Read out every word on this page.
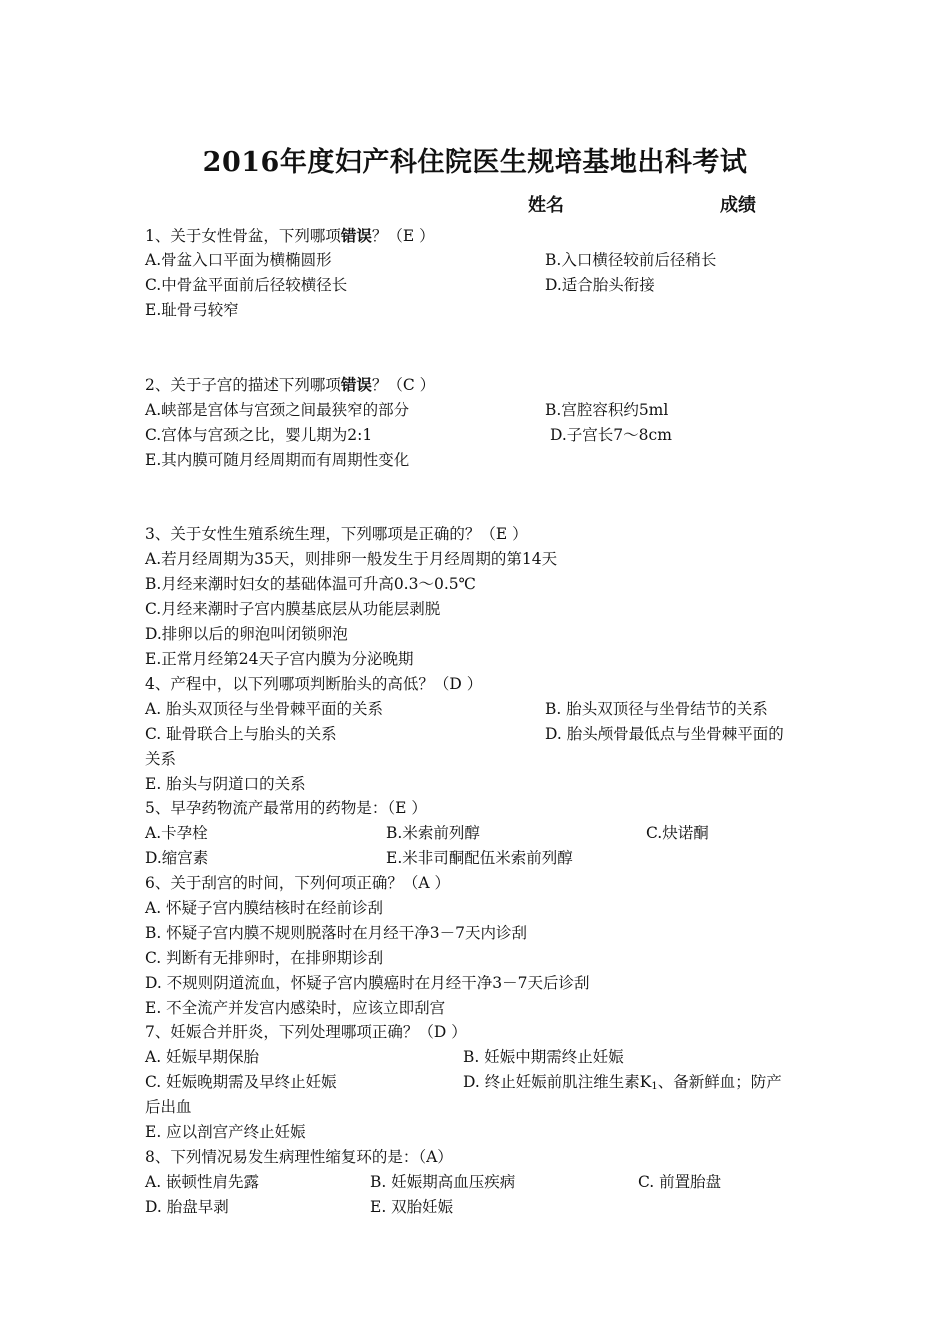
2016年度妇产科住院医生规培基地出科考试
姓名	成绩
1、关于女性骨盆，下列哪项错误？（E ）
A.骨盆入口平面为横椭圆形	B.入口横径较前后径稍长
C.中骨盆平面前后径较横径长	D.适合胎头衔接
E.耻骨弓较窄
2、关于子宫的描述下列哪项错误？（C ）
A.峡部是宫体与宫颈之间最狭窄的部分	B.宫腔容积约5ml
C.宫体与宫颈之比，婴儿期为2:1	D.子宫长7～8cm
E.其内膜可随月经周期而有周期性变化
3、关于女性生殖系统生理，下列哪项是正确的？（E ）
A.若月经周期为35天，则排卵一般发生于月经周期的第14天
B.月经来潮时妇女的基础体温可升高0.3～0.5℃
C.月经来潮时子宫内膜基底层从功能层剥脱
D.排卵以后的卵泡叫闭锁卵泡
E.正常月经第24天子宫内膜为分泌晚期
4、产程中，以下列哪项判断胎头的高低？（D ）
A. 胎头双顶径与坐骨棘平面的关系	B. 胎头双顶径与坐骨结节的关系
C. 耻骨联合上与胎头的关系	D. 胎头颅骨最低点与坐骨棘平面的
关系
E. 胎头与阴道口的关系
5、早孕药物流产最常用的药物是：（E ）
A.卡孕栓	B.米索前列醇	C.炔诺酮
D.缩宫素	E.米非司酮配伍米索前列醇
6、关于刮宫的时间，下列何项正确？（A ）
A. 怀疑子宫内膜结核时在经前诊刮
B. 怀疑子宫内膜不规则脱落时在月经干净3－7天内诊刮
C. 判断有无排卵时，在排卵期诊刮
D. 不规则阴道流血，怀疑子宫内膜癌时在月经干净3－7天后诊刮
E. 不全流产并发宫内感染时，应该立即刮宫
7、妊娠合并肝炎，下列处理哪项正确？（D ）
A. 妊娠早期保胎	B. 妊娠中期需终止妊娠
C. 妊娠晚期需及早终止妊娠	D. 终止妊娠前肌注维生素$K_1$、备新鲜血；防产
后出血
E. 应以剖宫产终止妊娠
8、下列情况易发生病理性缩复环的是：（A）
A. 嵌顿性肩先露	B. 妊娠期高血压疾病	C. 前置胎盘
D. 胎盘早剥	E. 双胎妊娠
